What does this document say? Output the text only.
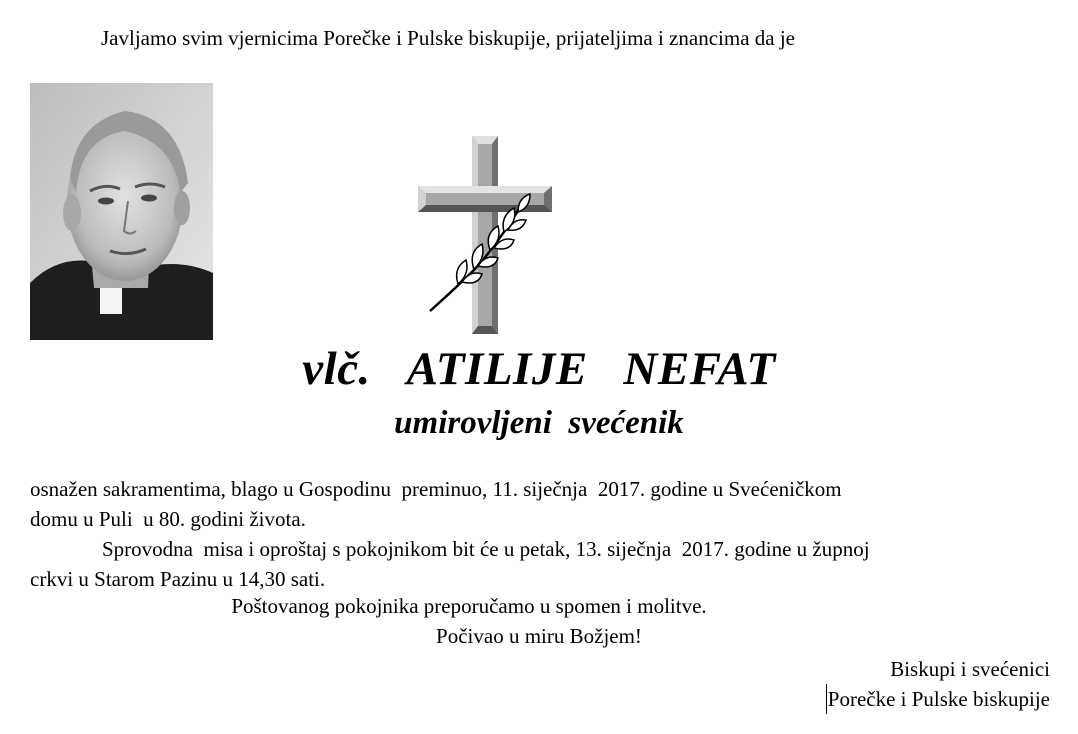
Javljamo svim vjernicima Porečke i Pulske biskupije, prijateljima i znancima da je
vlč. ATILIJE NEFAT
umirovljeni  svećenik
osnažen sakramentima, blago u Gospodinu  preminuo, 11. siječnja  2017. godine u Svećeničkom
domu u Puli  u 80. godini života.
Sprovodna  misa i oproštaj s pokojnikom bit će u petak, 13. siječnja  2017. godine u župnoj
crkvi u Starom Pazinu u 14,30 sati.
Poštovanog pokojnika preporučamo u spomen i molitve.
Počivao u miru Božjem!
Biskupi i svećenici
Porečke i Pulske biskupije
